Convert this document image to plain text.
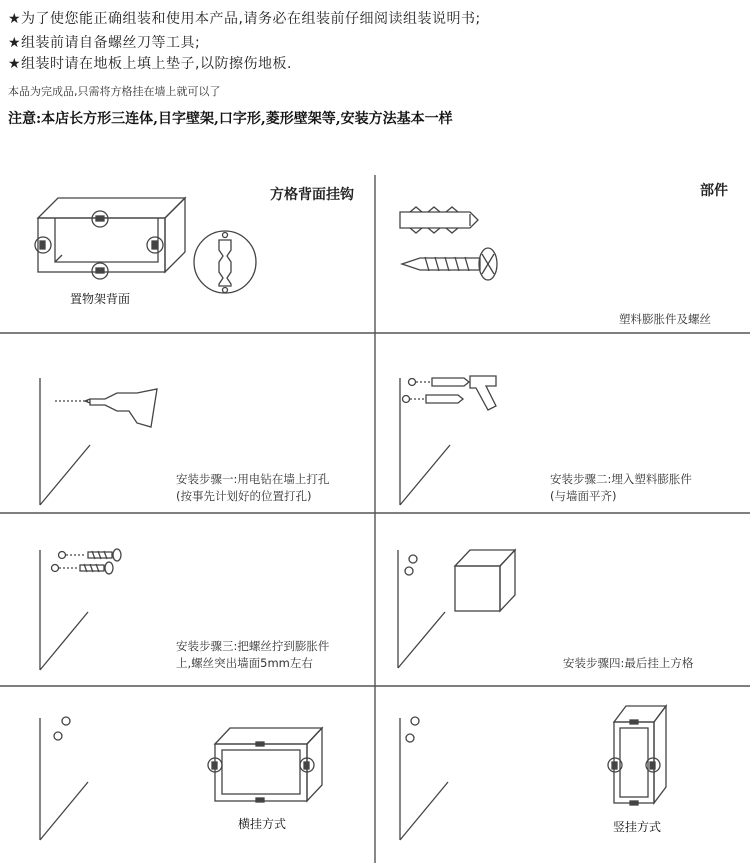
★为了使您能正确组装和使用本产品,请务必在组装前仔细阅读组装说明书;
★组装前请自备螺丝刀等工具;
★组装时请在地板上填上垫子,以防擦伤地板.
本品为完成品,只需将方格挂在墙上就可以了
注意:本店长方形三连体,目字壁架,口字形,菱形壁架等,安装方法基本一样
方格背面挂钩
置物架背面
部件
塑料膨胀件及螺丝
安装步骤一:用电钻在墙上打孔
(按事先计划好的位置打孔)
安装步骤二:埋入塑料膨胀件
(与墙面平齐)
安装步骤三:把螺丝拧到膨胀件
上,螺丝突出墙面5mm左右	安装步骤四:最后挂上方格
横挂方式	竖挂方式
